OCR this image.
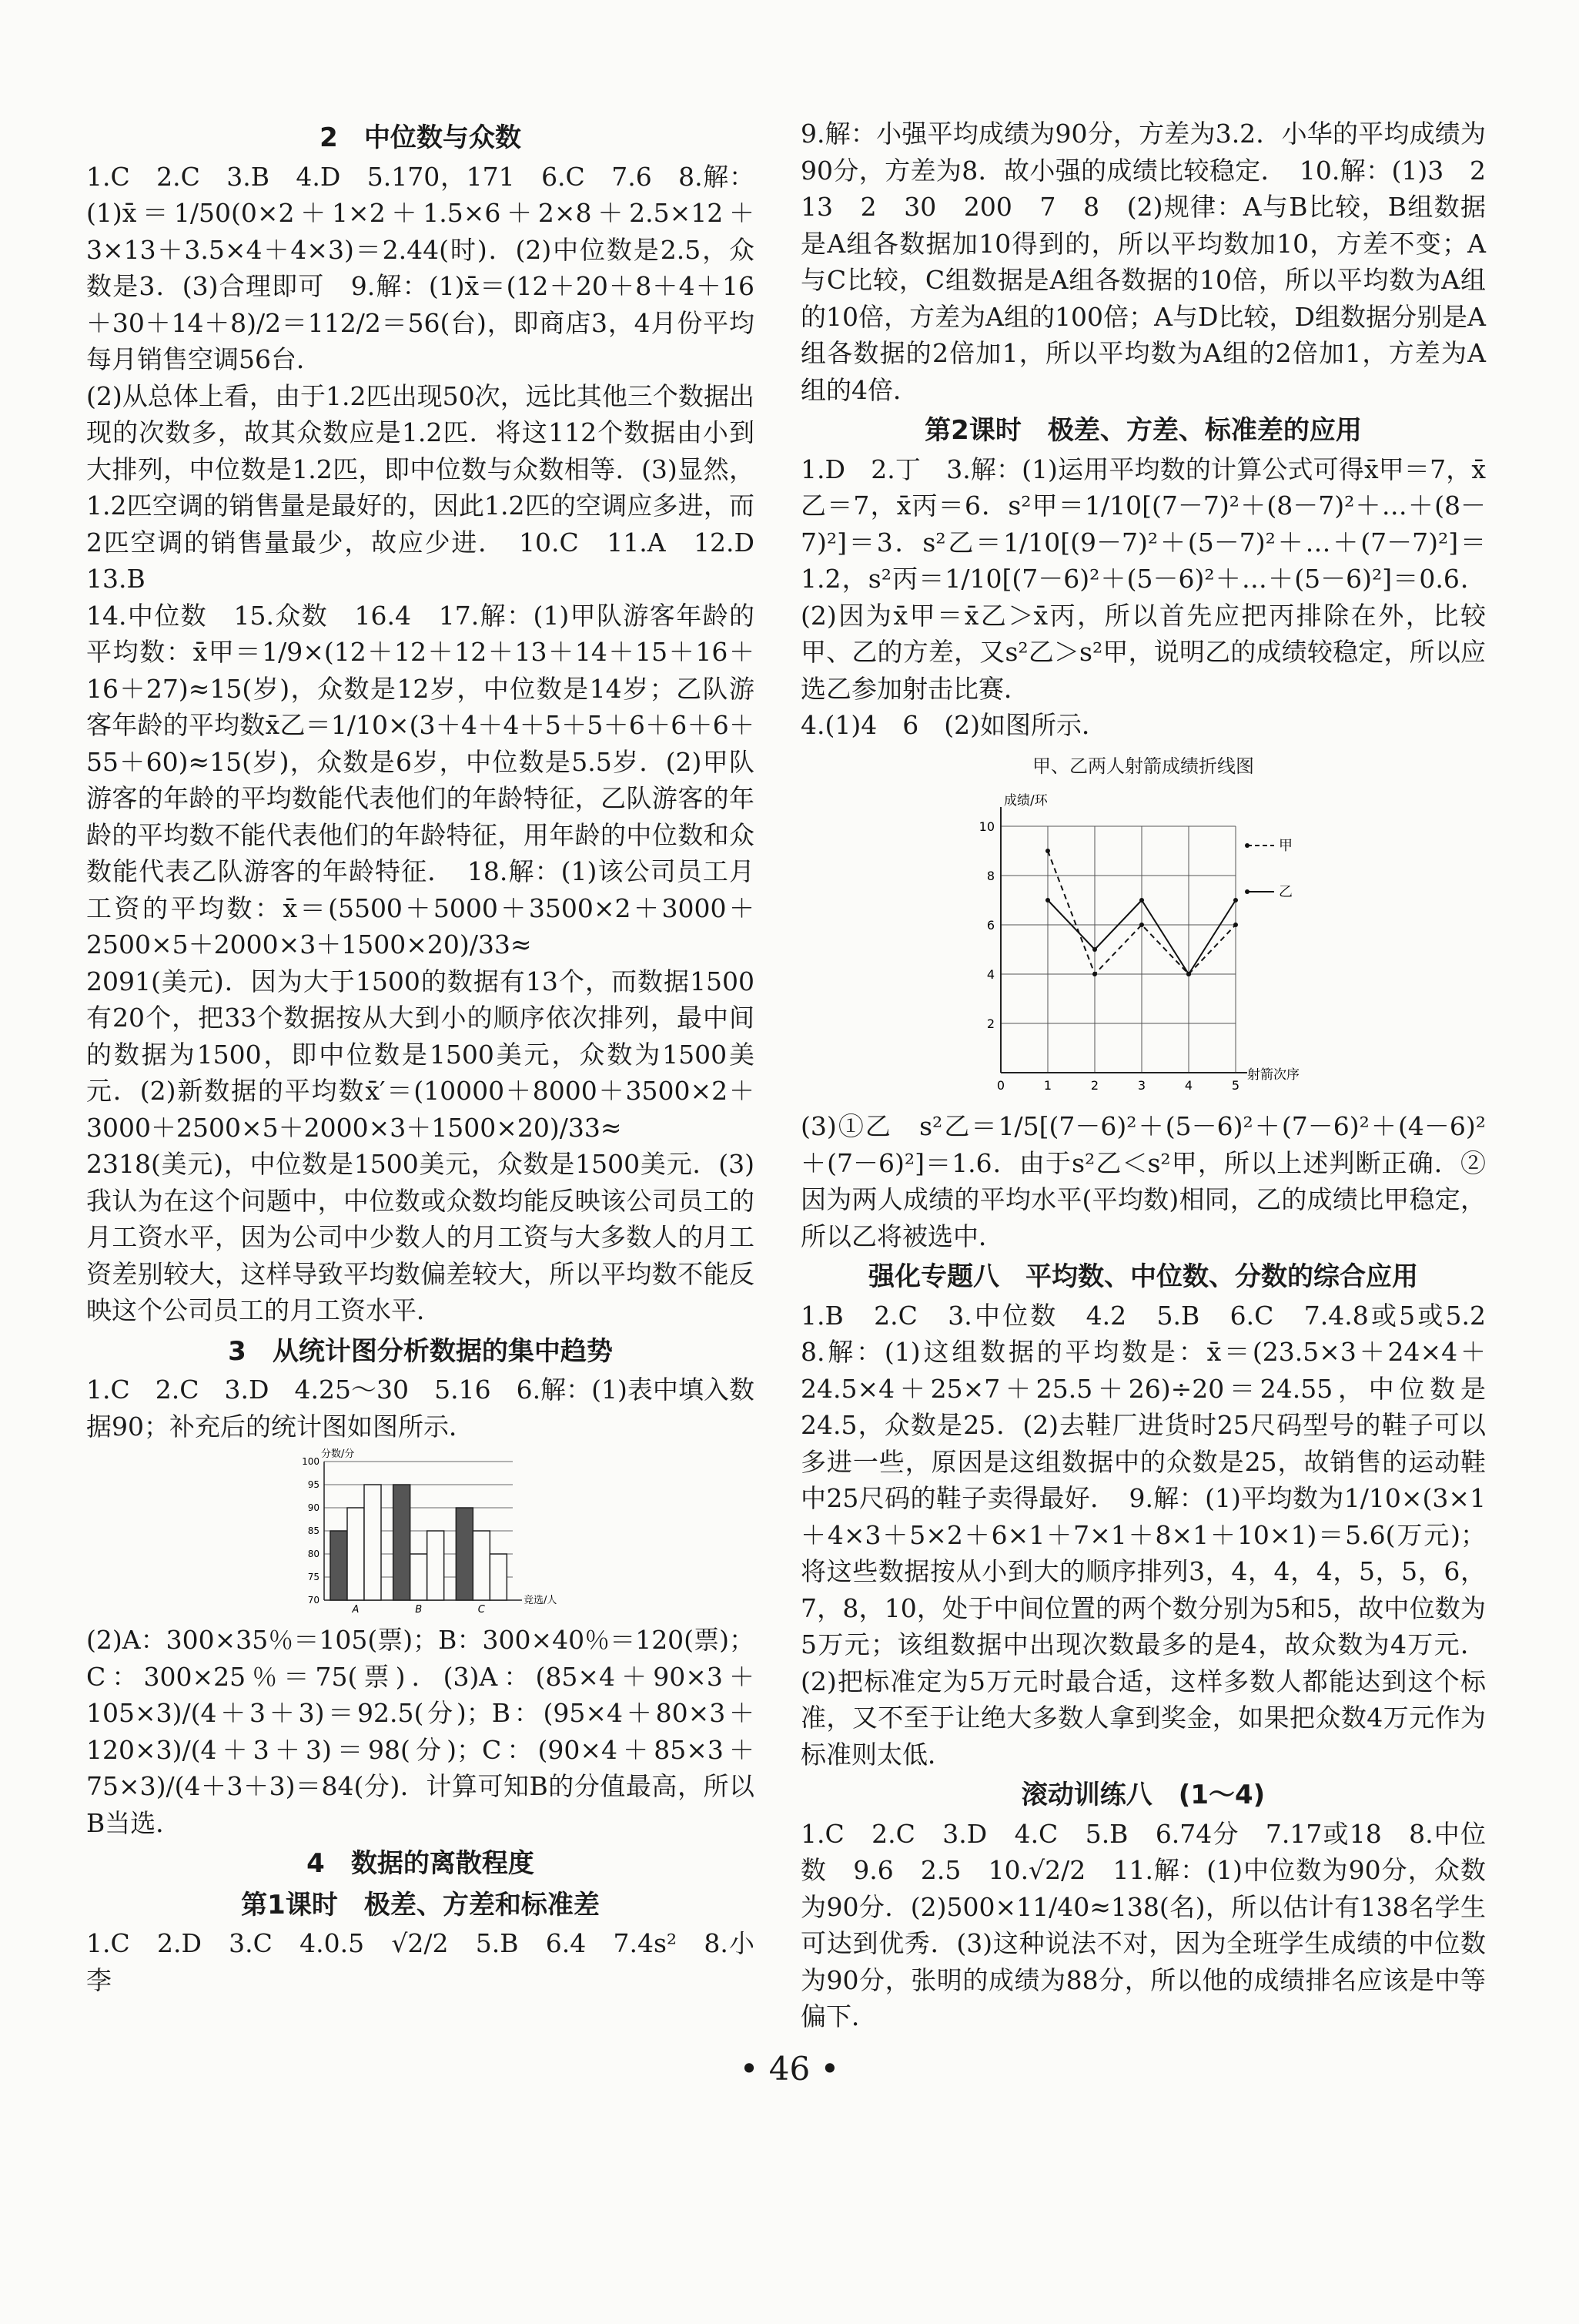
2　中位数与众数

1.C　2.C　3.B　4.D　5.170，171　6.C　7.6　8.解：(1)x̄＝1/50(0×2＋1×2＋1.5×6＋2×8＋2.5×12＋3×13＋3.5×4＋4×3)＝2.44(时)．(2)中位数是2.5，众数是3．(3)合理即可　9.解：(1)x̄＝(12＋20＋8＋4＋16＋30＋14＋8)/2＝112/2＝56(台)，即商店3，4月份平均每月销售空调56台．

(2)从总体上看，由于1.2匹出现50次，远比其他三个数据出现的次数多，故其众数应是1.2匹．将这112个数据由小到大排列，中位数是1.2匹，即中位数与众数相等．(3)显然，1.2匹空调的销售量是最好的，因此1.2匹的空调应多进，而2匹空调的销售量最少，故应少进．　10.C　11.A　12.D　13.B

14.中位数　15.众数　16.4　17.解：(1)甲队游客年龄的平均数：x̄甲＝1/9×(12＋12＋12＋13＋14＋15＋16＋16＋27)≈15(岁)，众数是12岁，中位数是14岁；乙队游客年龄的平均数x̄乙＝1/10×(3＋4＋4＋5＋5＋6＋6＋6＋55＋60)≈15(岁)，众数是6岁，中位数是5.5岁．(2)甲队游客的年龄的平均数能代表他们的年龄特征，乙队游客的年龄的平均数不能代表他们的年龄特征，用年龄的中位数和众数能代表乙队游客的年龄特征．　18.解：(1)该公司员工月工资的平均数：x̄＝(5500＋5000＋3500×2＋3000＋2500×5＋2000×3＋1500×20)/33≈

2091(美元)．因为大于1500的数据有13个，而数据1500有20个，把33个数据按从大到小的顺序依次排列，最中间的数据为1500，即中位数是1500美元，众数为1500美元．(2)新数据的平均数x̄′＝(10000＋8000＋3500×2＋3000＋2500×5＋2000×3＋1500×20)/33≈

2318(美元)，中位数是1500美元，众数是1500美元．(3)我认为在这个问题中，中位数或众数均能反映该公司员工的月工资水平，因为公司中少数人的月工资与大多数人的月工资差别较大，这样导致平均数偏差较大，所以平均数不能反映这个公司员工的月工资水平．

3　从统计图分析数据的集中趋势

1.C　2.C　3.D　4.25～30　5.16　6.解：(1)表中填入数据90；补充后的统计图如图所示．

分数/分
70
75
80
85
90
95
100
A	B	C
竞选/人

(2)A：300×35％＝105(票)；B：300×40％＝120(票)；C：300×25％＝75(票)．(3)A：(85×4＋90×3＋105×3)/(4＋3＋3)＝92.5(分)；B：(95×4＋80×3＋120×3)/(4＋3＋3)＝98(分)；C：(90×4＋85×3＋75×3)/(4＋3＋3)＝84(分)．计算可知B的分值最高，所以B当选．

4　数据的离散程度
第1课时　极差、方差和标准差

1.C　2.D　3.C　4.0.5　√2/2　5.B　6.4　7.4s²　8.小李

9.解：小强平均成绩为90分，方差为3.2．小华的平均成绩为90分，方差为8．故小强的成绩比较稳定．　10.解：(1)3　2　13　2　30　200　7　8　(2)规律：A与B比较，B组数据是A组各数据加10得到的，所以平均数加10，方差不变；A与C比较，C组数据是A组各数据的10倍，所以平均数为A组的10倍，方差为A组的100倍；A与D比较，D组数据分别是A组各数据的2倍加1，所以平均数为A组的2倍加1，方差为A组的4倍．

第2课时　极差、方差、标准差的应用

1.D　2.丁　3.解：(1)运用平均数的计算公式可得x̄甲＝7，x̄乙＝7，x̄丙＝6．s²甲＝1/10[(7－7)²＋(8－7)²＋…＋(8－7)²]＝3．s²乙＝1/10[(9－7)²＋(5－7)²＋…＋(7－7)²]＝1.2，s²丙＝1/10[(7－6)²＋(5－6)²＋…＋(5－6)²]＝0.6．(2)因为x̄甲＝x̄乙＞x̄丙，所以首先应把丙排除在外，比较甲、乙的方差，又s²乙＞s²甲，说明乙的成绩较稳定，所以应选乙参加射击比赛．

4.(1)4　6　(2)如图所示．

甲、乙两人射箭成绩折线图
成绩/环
2
4
6
8
10
0	1	2	3	4	5
射箭次序
甲
乙

(3)①乙　s²乙＝1/5[(7－6)²＋(5－6)²＋(7－6)²＋(4－6)²＋(7－6)²]＝1.6．由于s²乙＜s²甲，所以上述判断正确．②因为两人成绩的平均水平(平均数)相同，乙的成绩比甲稳定，所以乙将被选中．

强化专题八　平均数、中位数、分数的综合应用

1.B　2.C　3.中位数　4.2　5.B　6.C　7.4.8或5或5.2　8.解：(1)这组数据的平均数是：x̄＝(23.5×3＋24×4＋24.5×4＋25×7＋25.5＋26)÷20＝24.55，中位数是24.5，众数是25．(2)去鞋厂进货时25尺码型号的鞋子可以多进一些，原因是这组数据中的众数是25，故销售的运动鞋中25尺码的鞋子卖得最好．　9.解：(1)平均数为1/10×(3×1＋4×3＋5×2＋6×1＋7×1＋8×1＋10×1)＝5.6(万元)；将这些数据按从小到大的顺序排列3，4，4，4，5，5，6，7，8，10，处于中间位置的两个数分别为5和5，故中位数为5万元；该组数据中出现次数最多的是4，故众数为4万元．(2)把标准定为5万元时最合适，这样多数人都能达到这个标准，又不至于让绝大多数人拿到奖金，如果把众数4万元作为标准则太低．

滚动训练八　(1～4)

1.C　2.C　3.D　4.C　5.B　6.74分　7.17或18　8.中位数　9.6　2.5　10.√2/2　11.解：(1)中位数为90分，众数为90分．(2)500×11/40≈138(名)，所以估计有138名学生可达到优秀．(3)这种说法不对，因为全班学生成绩的中位数为90分，张明的成绩为88分，所以他的成绩排名应该是中等偏下．

• 46 •
